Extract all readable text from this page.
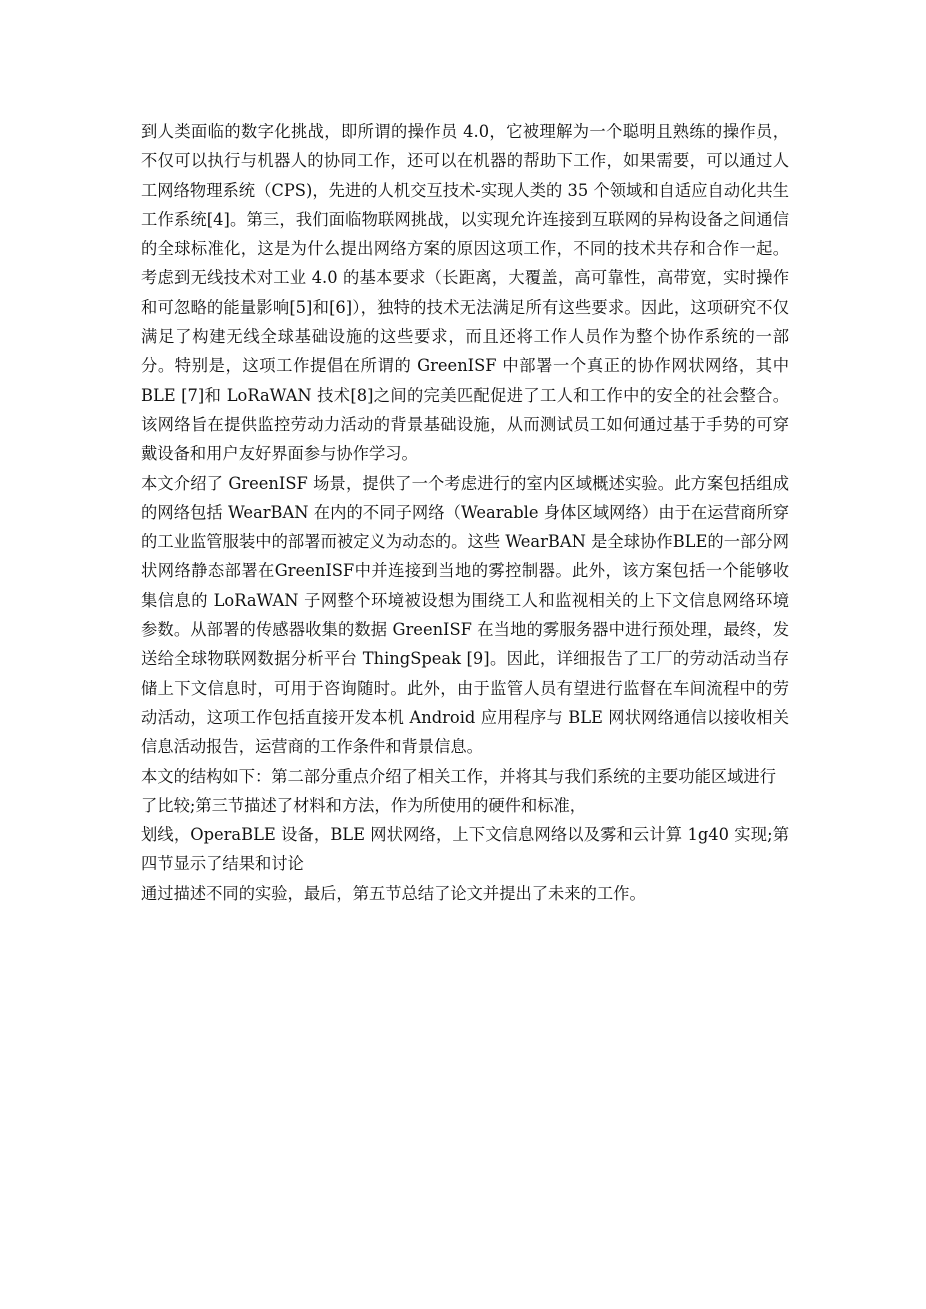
到人类面临的数字化挑战，即所谓的操作员 4.0，它被理解为一个聪明且熟练的操作员，不仅可以执行与机器人的协同工作，还可以在机器的帮助下工作，如果需要，可以通过人工网络物理系统（CPS)，先进的人机交互技术-实现人类的 35 个领域和自适应自动化共生工作系统[4]。第三，我们面临物联网挑战，以实现允许连接到互联网的异构设备之间通信的全球标准化，这是为什么提出网络方案的原因这项工作，不同的技术共存和合作一起。考虑到无线技术对工业 4.0 的基本要求（长距离，大覆盖，高可靠性，高带宽，实时操作和可忽略的能量影响[5]和[6]），独特的技术无法满足所有这些要求。因此，这项研究不仅满足了构建无线全球基础设施的这些要求，而且还将工作人员作为整个协作系统的一部分。特别是，这项工作提倡在所谓的 GreenISF 中部署一个真正的协作网状网络，其中 BLE [7]和 LoRaWAN 技术[8]之间的完美匹配促进了工人和工作中的安全的社会整合。该网络旨在提供监控劳动力活动的背景基础设施，从而测试员工如何通过基于手势的可穿戴设备和用户友好界面参与协作学习。

本文介绍了 GreenISF 场景，提供了一个考虑进行的室内区域概述实验。此方案包括组成的网络包括 WearBAN 在内的不同子网络（Wearable 身体区域网络）由于在运营商所穿的工业监管服装中的部署而被定义为动态的。这些 WearBAN 是全球协作BLE的一部分网状网络静态部署在GreenISF中并连接到当地的雾控制器。此外，该方案包括一个能够收集信息的 LoRaWAN 子网整个环境被设想为围绕工人和监视相关的上下文信息网络环境参数。从部署的传感器收集的数据 GreenISF 在当地的雾服务器中进行预处理，最终，发送给全球物联网数据分析平台 ThingSpeak [9]。因此，详细报告了工厂的劳动活动当存储上下文信息时，可用于咨询随时。此外，由于监管人员有望进行监督在车间流程中的劳动活动，这项工作包括直接开发本机 Android 应用程序与 BLE 网状网络通信以接收相关信息活动报告，运营商的工作条件和背景信息。

本文的结构如下：第二部分重点介绍了相关工作，并将其与我们系统的主要功能区域进行了比较;第三节描述了材料和方法，作为所使用的硬件和标准，

划线，OperaBLE 设备，BLE 网状网络，上下文信息网络以及雾和云计算 1g40 实现;第四节显示了结果和讨论

通过描述不同的实验，最后，第五节总结了论文并提出了未来的工作。
